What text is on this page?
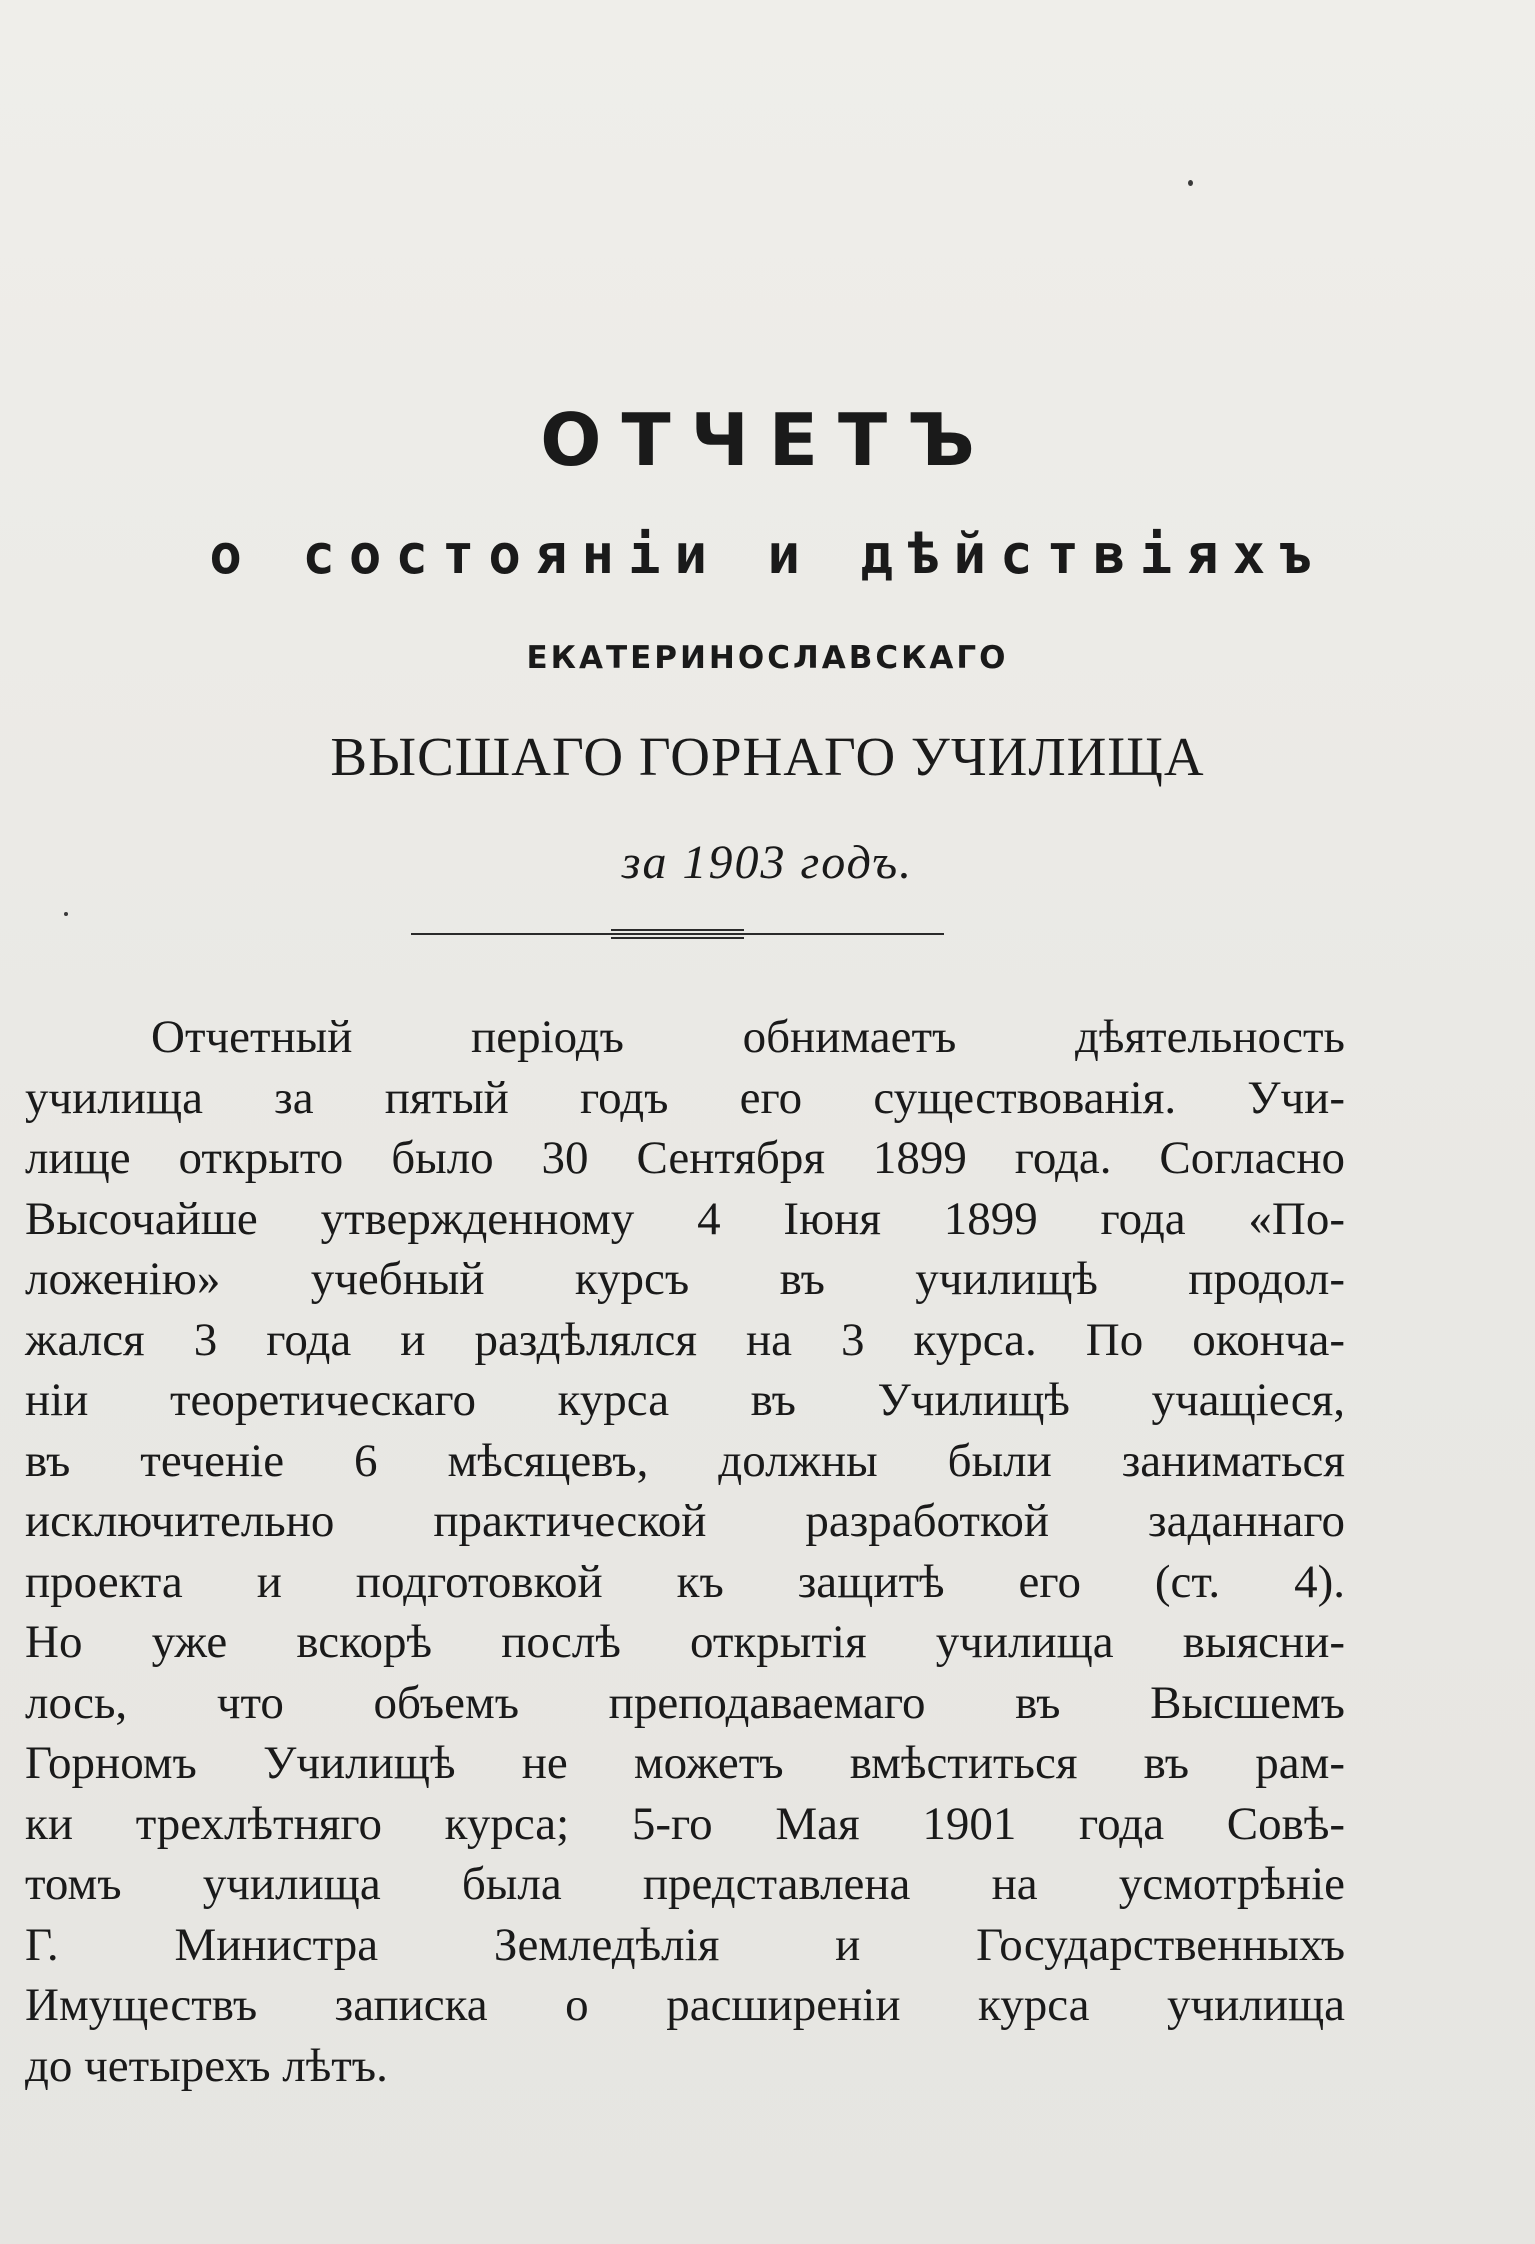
ОТЧЕТЪ
о состояніи и дѣйствіяхъ
ЕКАТЕРИНОСЛАВСКАГО
ВЫСШАГО ГОРНАГО УЧИЛИЩА
за 1903 годъ.
Отчетный періодъ обнимаетъ дѣятельность
училища за пятый годъ его существованія. Учи-
лище открыто было 30 Сентября 1899 года. Согласно
Высочайше утвержденному 4 Іюня 1899 года «По-
ложенію» учебный курсъ въ училищѣ продол-
жался 3 года и раздѣлялся на 3 курса. По оконча-
ніи теоретическаго курса въ Училищѣ учащіеся,
въ теченіе 6 мѣсяцевъ, должны были заниматься
исключительно практической разработкой заданнаго
проекта и подготовкой къ защитѣ его (ст. 4).
Но уже вскорѣ послѣ открытія училища выясни-
лось, что объемъ преподаваемаго въ Высшемъ
Горномъ Училищѣ не можетъ вмѣститься въ рам-
ки трехлѣтняго курса; 5-го Мая 1901 года Совѣ-
томъ училища была представлена на усмотрѣніе
Г. Министра Земледѣлія и Государственныхъ
Имуществъ записка о расширеніи курса училища
до четырехъ лѣтъ.
